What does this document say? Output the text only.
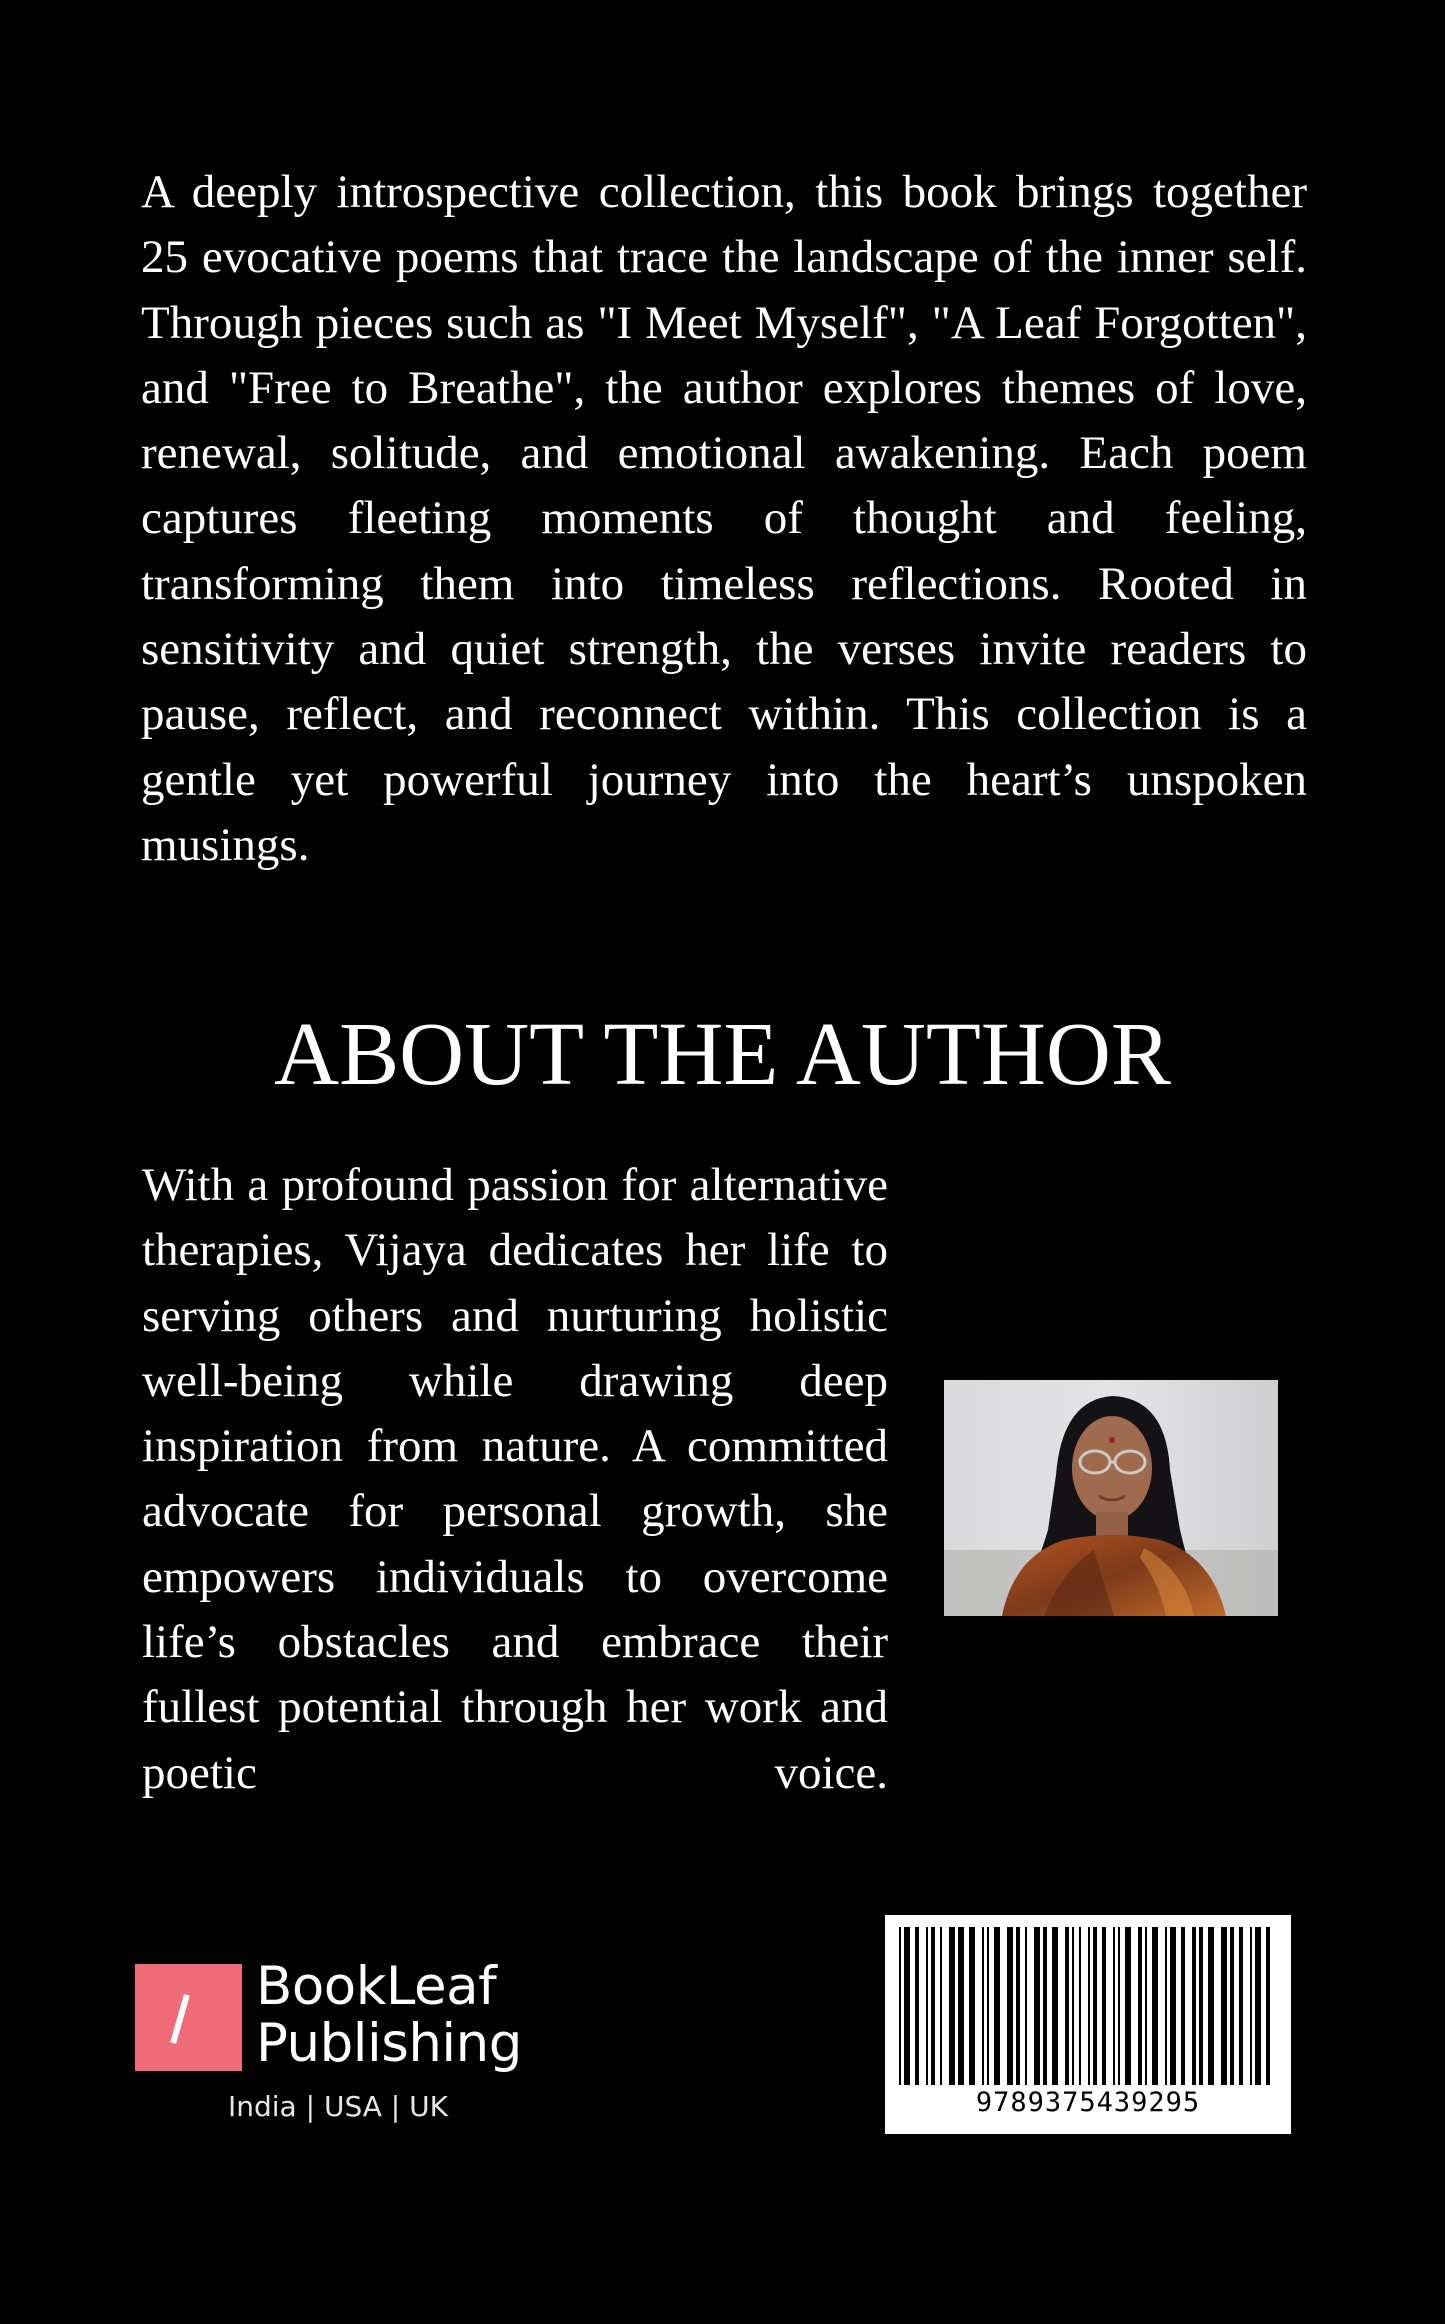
A deeply introspective collection, this book brings together 25 evocative poems that trace the landscape of the inner self. Through pieces such as "I Meet Myself", "A Leaf Forgotten", and "Free to Breathe", the author explores themes of love, renewal, solitude, and emotional awakening. Each poem captures fleeting moments of thought and feeling, transforming them into timeless reflections. Rooted in sensitivity and quiet strength, the verses invite readers to pause, reflect, and reconnect within. This collection is a gentle yet powerful journey into the heart’s unspoken musings.

ABOUT THE AUTHOR

With a profound passion for alternative therapies, Vijaya dedicates her life to serving others and nurturing holistic well-being while drawing deep inspiration from nature. A committed advocate for personal growth, she empowers individuals to overcome life’s obstacles and embrace their fullest potential through her work and poetic voice.

BookLeaf
Publishing
India | USA | UK	9789375439295
